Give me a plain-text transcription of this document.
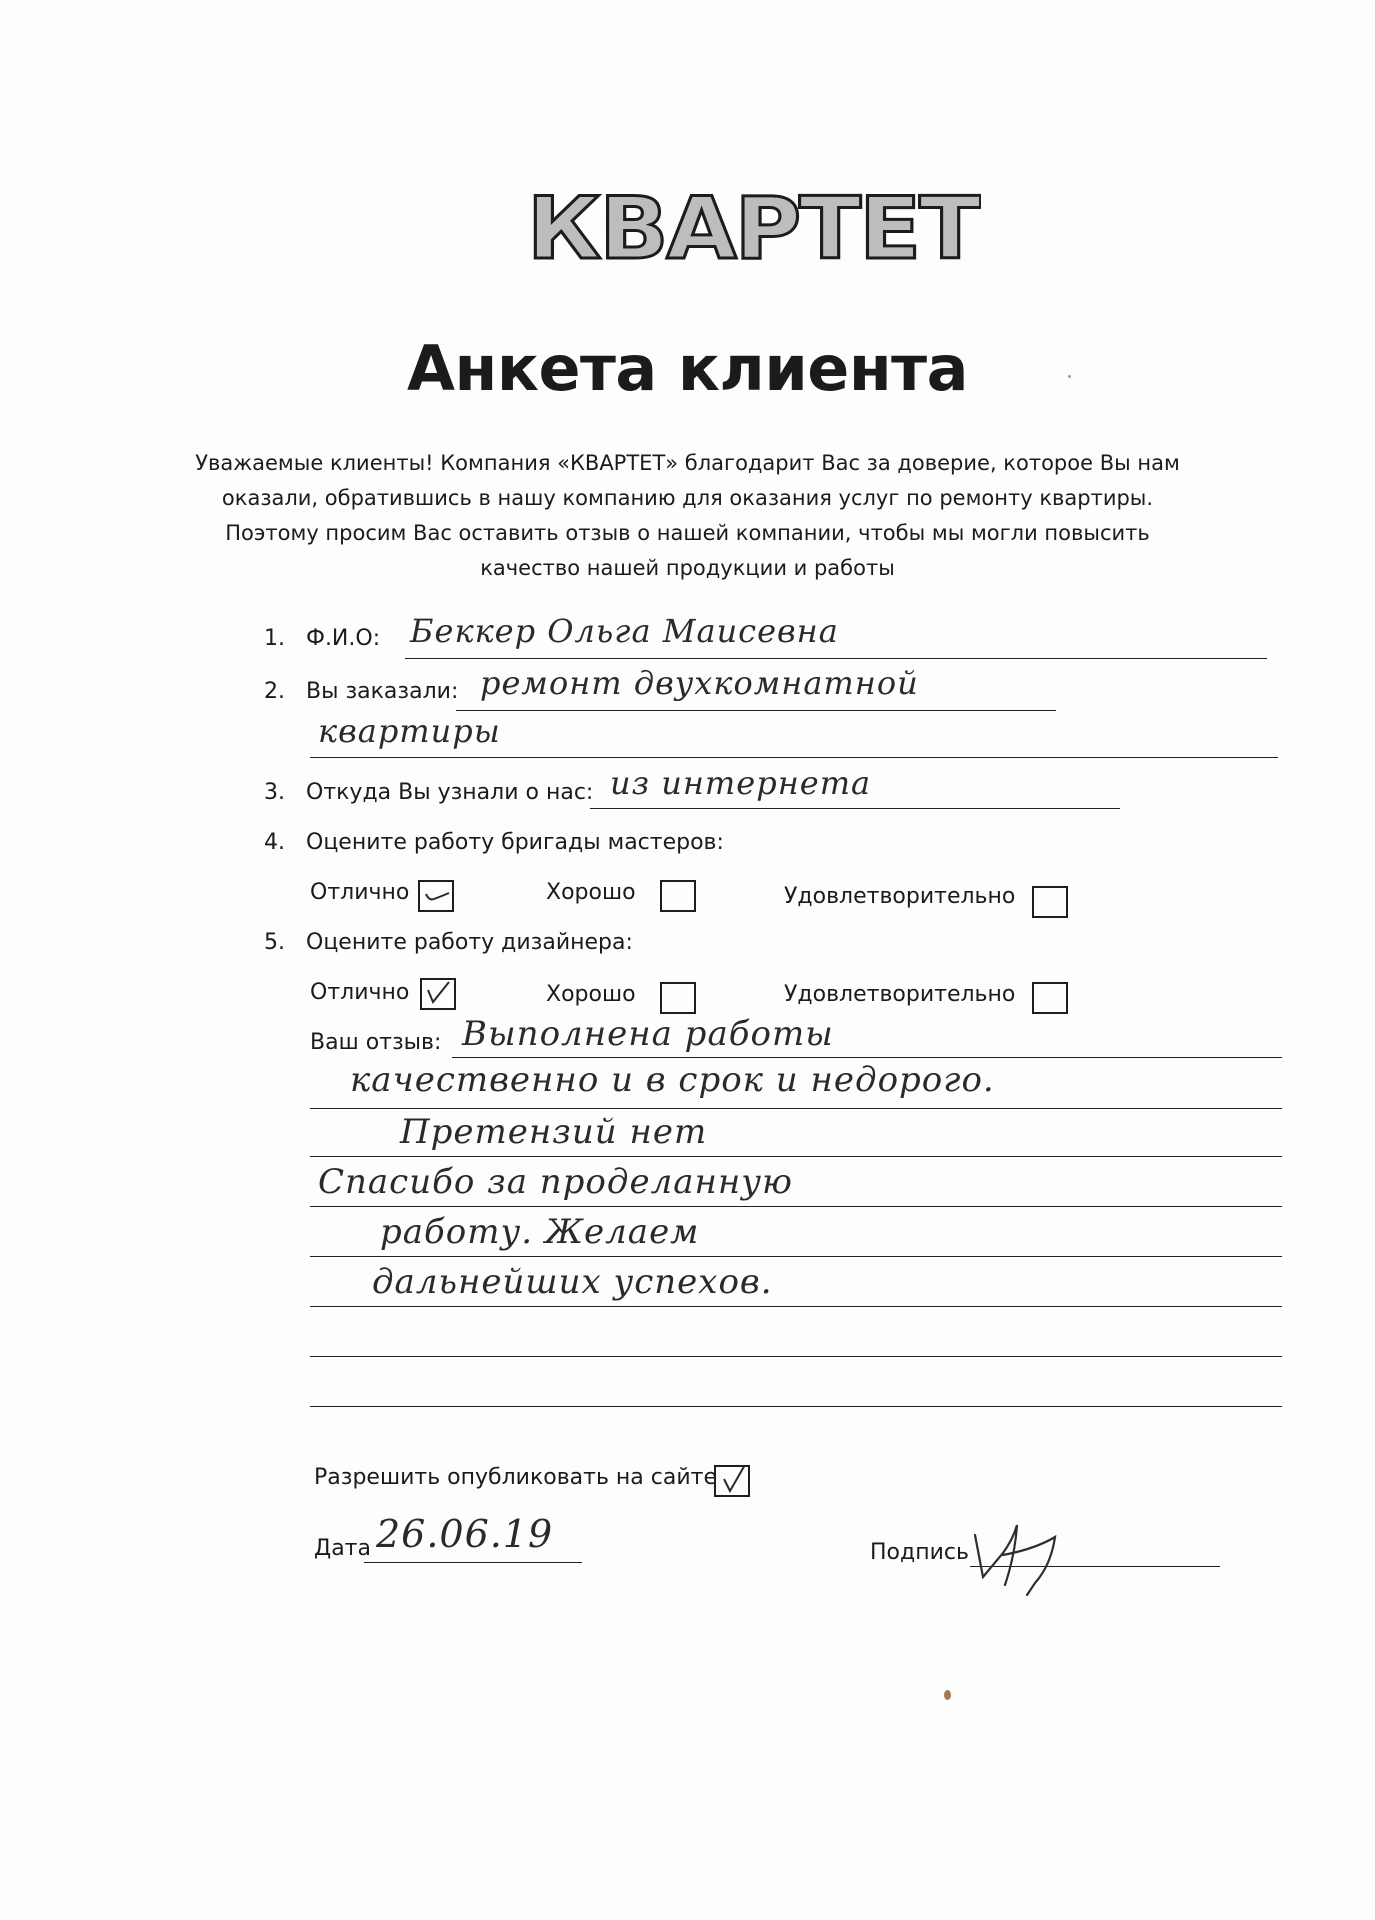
КВАРТЕТ
Анкета клиента
Уважаемые клиенты! Компания «КВАРТЕТ» благодарит Вас за доверие, которое Вы нам
оказали, обратившись в нашу компанию для оказания услуг по ремонту квартиры.
Поэтому просим Вас оставить отзыв о нашей компании, чтобы мы могли повысить
качество нашей продукции и работы
1. Ф.И.О: Беккер Ольга Маисевна
2. Вы заказали: ремонт двухкомнатной
квартиры
3. Откуда Вы узнали о нас: из интернета
4. Оцените работу бригады мастеров:
Отлично	Хорошо	Удовлетворительно
5. Оцените работу дизайнера:
Отлично	Хорошо	Удовлетворительно
Ваш отзыв: Выполнена работы
качественно и в срок и недорого.
Претензий нет
Спасибо за проделанную
работу. Желаем
дальнейших успехов.
Разрешить опубликовать на сайте
Дата 26.06.19	Подпись
